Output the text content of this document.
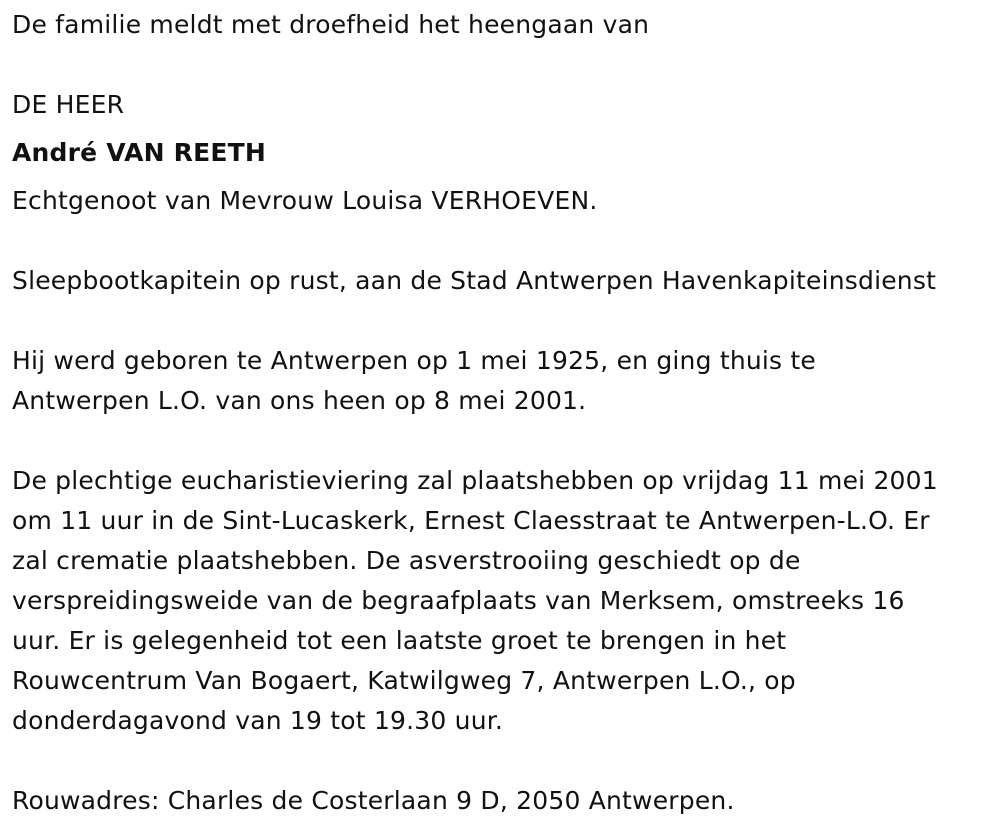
De familie meldt met droefheid het heengaan van
DE HEER
André VAN REETH
Echtgenoot van Mevrouw Louisa VERHOEVEN.
Sleepbootkapitein op rust, aan de Stad Antwerpen Havenkapiteinsdienst
Hij werd geboren te Antwerpen op 1 mei 1925, en ging thuis te
Antwerpen L.O. van ons heen op 8 mei 2001.
De plechtige eucharistieviering zal plaatshebben op vrijdag 11 mei 2001
om 11 uur in de Sint-Lucaskerk, Ernest Claesstraat te Antwerpen-L.O. Er
zal crematie plaatshebben. De asverstrooiing geschiedt op de
verspreidingsweide van de begraafplaats van Merksem, omstreeks 16
uur. Er is gelegenheid tot een laatste groet te brengen in het
Rouwcentrum Van Bogaert, Katwilgweg 7, Antwerpen L.O., op
donderdagavond van 19 tot 19.30 uur.
Rouwadres: Charles de Costerlaan 9 D, 2050 Antwerpen.
